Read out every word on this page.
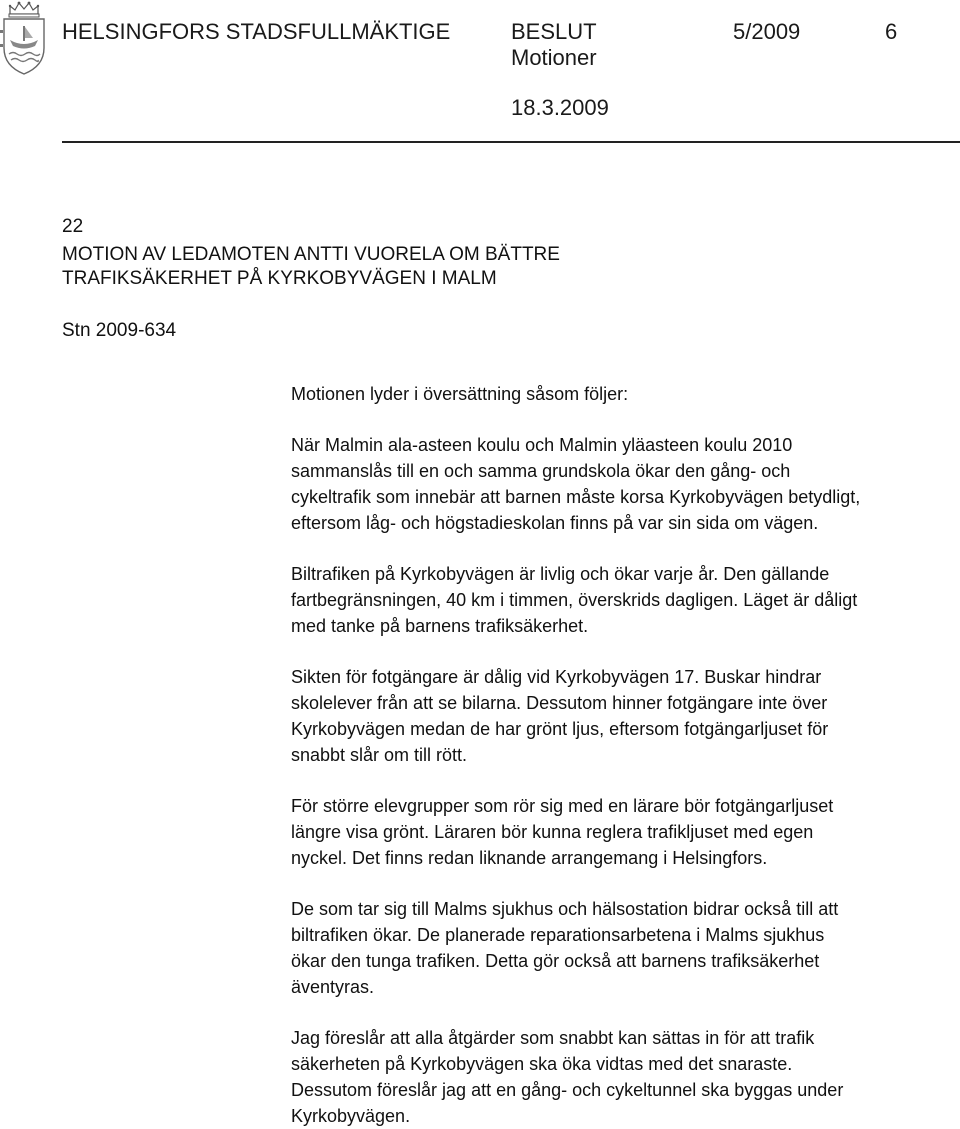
HELSINGFORS STADSFULLMÄKTIGE	BESLUT	5/2009	6
Motioner
18.3.2009
22
MOTION AV LEDAMOTEN ANTTI VUORELA OM BÄTTRE
TRAFIKSÄKERHET PÅ KYRKOBYVÄGEN I MALM
Stn 2009-634

Motionen lyder i översättning såsom följer:

När Malmin ala-asteen koulu och Malmin yläasteen koulu 2010
sammanslås till en och samma grundskola ökar den gång- och
cykeltrafik som innebär att barnen måste korsa Kyrkobyvägen betydligt,
eftersom låg- och högstadieskolan finns på var sin sida om vägen.

Biltrafiken på Kyrkobyvägen är livlig och ökar varje år. Den gällande
fartbegränsningen, 40 km i timmen, överskrids dagligen. Läget är dåligt
med tanke på barnens trafiksäkerhet.

Sikten för fotgängare är dålig vid Kyrkobyvägen 17. Buskar hindrar
skolelever från att se bilarna. Dessutom hinner fotgängare inte över
Kyrkobyvägen medan de har grönt ljus, eftersom fotgängarljuset för
snabbt slår om till rött.

För större elevgrupper som rör sig med en lärare bör fotgängarljuset
längre visa grönt. Läraren bör kunna reglera trafikljuset med egen
nyckel. Det finns redan liknande arrangemang i Helsingfors.

De som tar sig till Malms sjukhus och hälsostation bidrar också till att
biltrafiken ökar. De planerade reparationsarbetena i Malms sjukhus
ökar den tunga trafiken. Detta gör också att barnens trafiksäkerhet
äventyras.

Jag föreslår att alla åtgärder som snabbt kan sättas in för att trafik
säkerheten på Kyrkobyvägen ska öka vidtas med det snaraste.
Dessutom föreslår jag att en gång- och cykeltunnel ska byggas under
Kyrkobyvägen.
